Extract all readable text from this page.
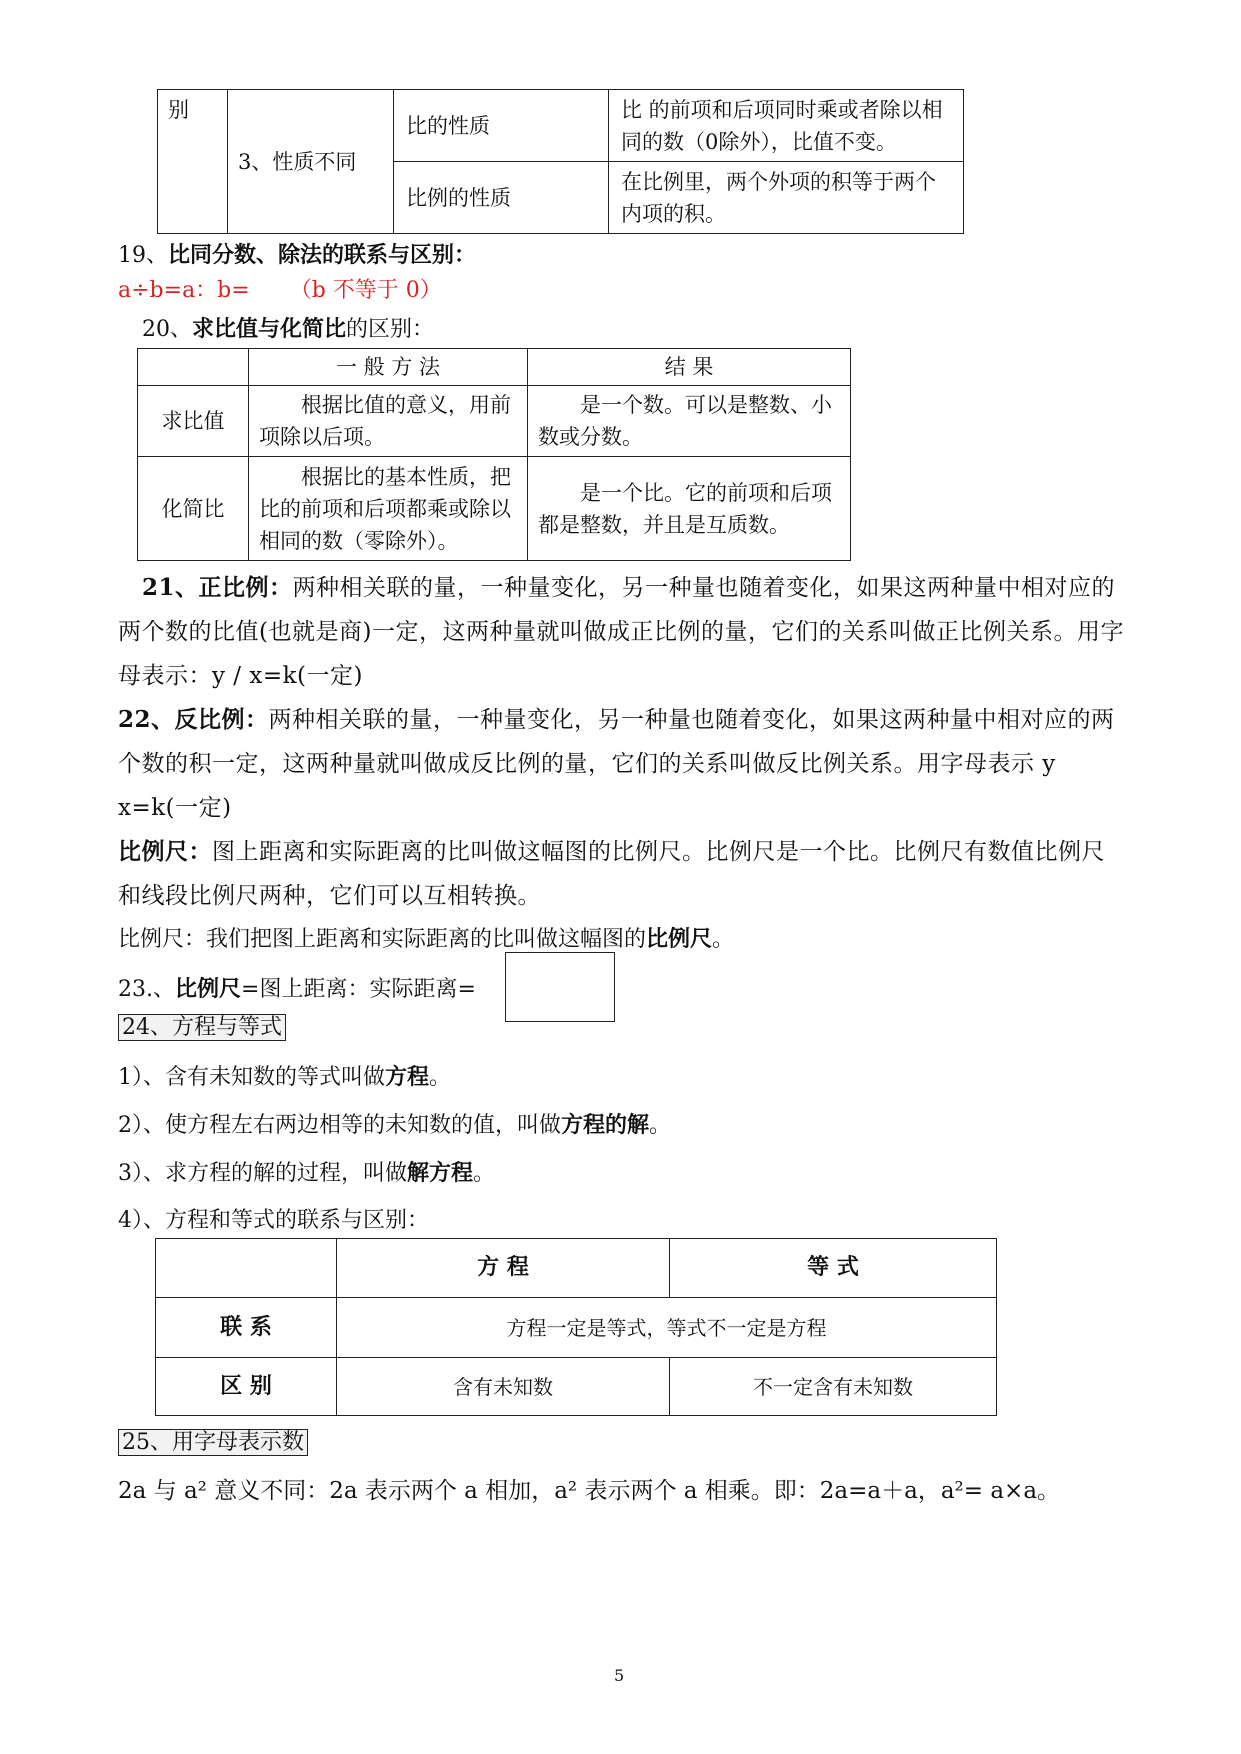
别	3、性质不同	比的性质	比 的前项和后项同时乘或者除以相同的数（0除外），比值不变。
		比例的性质	在比例里，两个外项的积等于两个内项的积。
19、比同分数、除法的联系与区别：
a÷b=a：b= （b 不等于 0）
20、求比值与化简比的区别：
	一 般 方 法	结 果
求比值	根据比值的意义，用前项除以后项。	是一个数。可以是整数、小数或分数。
化简比	根据比的基本性质，把比的前项和后项都乘或除以相同的数（零除外）。	是一个比。它的前项和后项都是整数，并且是互质数。
21、正比例：两种相关联的量，一种量变化，另一种量也随着变化，如果这两种量中相对应的两个数的比值(也就是商)一定，这两种量就叫做成正比例的量，它们的关系叫做正比例关系。用字母表示：y / x=k(一定)
22、反比例：两种相关联的量，一种量变化，另一种量也随着变化，如果这两种量中相对应的两个数的积一定，这两种量就叫做成反比例的量，它们的关系叫做反比例关系。用字母表示 y x=k(一定)
比例尺：图上距离和实际距离的比叫做这幅图的比例尺。比例尺是一个比。比例尺有数值比例尺和线段比例尺两种，它们可以互相转换。
比例尺：我们把图上距离和实际距离的比叫做这幅图的比例尺。
23.、比例尺=图上距离：实际距离=
24、方程与等式
1）、含有未知数的等式叫做方程。
2）、使方程左右两边相等的未知数的值，叫做方程的解。
3）、求方程的解的过程，叫做解方程。
4）、方程和等式的联系与区别：
	方 程	等 式
联 系	方程一定是等式，等式不一定是方程	
区 别	含有未知数	不一定含有未知数
25、用字母表示数
2a 与 a² 意义不同：2a 表示两个 a 相加，a² 表示两个 a 相乘。即：2a=a＋a，a²= a×a。
5
